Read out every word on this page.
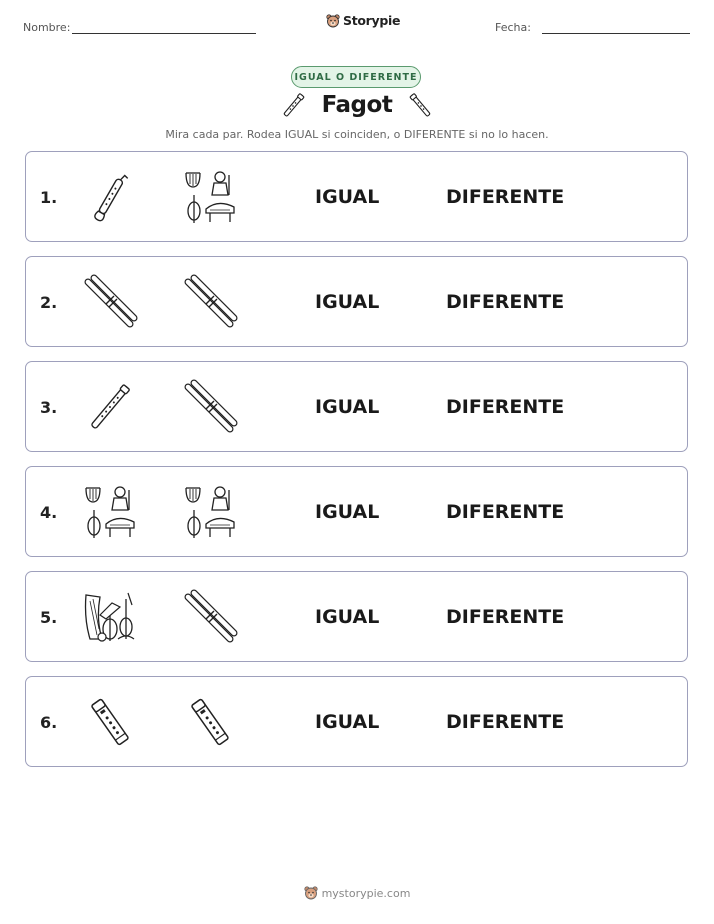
Nombre:	Storypie	Fecha:
IGUAL O DIFERENTE
Fagot
Mira cada par. Rodea IGUAL si coinciden, o DIFERENTE si no lo hacen.
1.	IGUAL	DIFERENTE
2.	IGUAL	DIFERENTE
3.	IGUAL	DIFERENTE
4.	IGUAL	DIFERENTE
5.	IGUAL	DIFERENTE
6.	IGUAL	DIFERENTE
mystorypie.com
